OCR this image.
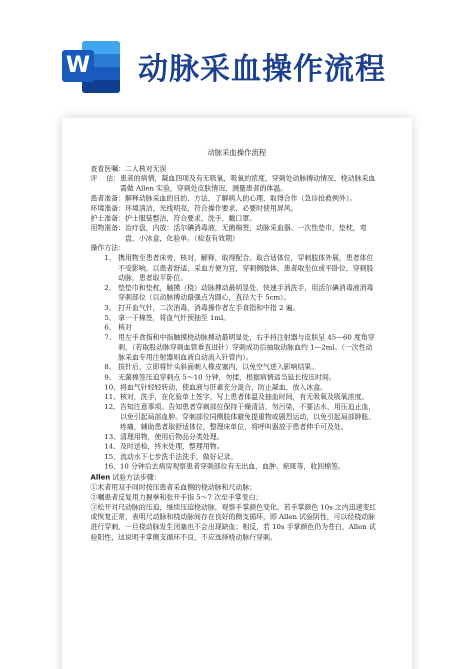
W 动脉采血操作流程
动脉采血操作流程
查看医嘱： 二人核对无误
评    估： 患者的病情，凝血四项及有无吸氧，吸氧的浓度，穿刺处动脉搏动情况，桡动脉采血需做 Allen 实验，穿刺处皮肤情况，测量患者的体温。
患者准备： 解释动脉采血的目的、方法，了解病人的心理，取得合作（急诊抢救例外）。
环境准备： 环境清洁，光线明亮，符合操作要求，必要时使用屏风。
护士准备： 护士服装整洁，符合要求，洗手，戴口罩。
用物准备： 治疗盘，内放：活尔碘消毒液，无菌棉签，动脉采血器、一次性垫巾，垫枕，弯盘，小冰盒，化验单。（检查有效期）
操作方法：
1、 携用物至患者床旁，核对，解释，取得配合。取合适体位，穿刺肢体外展，患者体位不受影响，以患者舒适，采血方便为宜，穿刺侧肢体，患者取坐位或平卧位，穿刺股动脉，患者取平卧位。
2、 垫垫巾和垫枕，触摸（桡）动脉搏动最明显处，快速手消洗手，用活尔碘消毒液消毒穿刺部位（以动脉搏动最强点为圆心，直径大于 5cm）。
3、 打开血气针，二次消毒，消毒操作者左手食指和中指 2 遍。
5、 拿一干棉签，将血气针预抽至 1ml。
6、 核对
7、 用左手食指和中指触摸桡动脉搏动最明显处，右手持注射器与皮肤呈 45—60 度角穿刺，（若取股动脉穿刺血管垂直进针）穿刺成功后抽取动脉血约 1—2ml。（一次性动脉采血专用注射器则血液自动流入针管内）。
8、 拔针后，立即将针头斜面刺入橡皮塞内，以免空气进入影响结果。
9、 无菌棉签压迫穿刺点 5～10 分钟，勿揉，根据病情适当延长按压时间。
10、 将血气针轻轻转动，使血液与肝素充分混合，防止凝血，放入冰盒。
11、 核对，洗手，在化验单上签字，写上患者体温及抽血时间，有无吸氧及吸氧浓度。
12、 告知注意事项。告知患者穿刺部位保持干燥清洁，勿污染，不要沾水，用压迫止血，以免引起局部血肿。穿刺部位同侧肢体避免提重物或剧烈运动，以免引起局部肿胀、疼痛，辅助患者取舒适体位，整理床单位，将呼叫器放于患者伸手可及处。
13、 清理用物，使用后物品分类处理。
14、 及时送检，终末处理，整理用物。
15、 流动水下七步洗手法洗手，做好记录。
16、 10 分钟后去病房观察患者穿刺部位有无出血、血肿、瘀斑等，收回棉签。
Allen 试验方法步骤：
①术者用双手同时按压患者采血侧的桡动脉和尺动脉；
②嘱患者反复用力握拳和张开手指 5～7 次至手掌变白；
③松开对尺动脉的压迫，继续压迫桡动脉，观察手掌颜色变化。若手掌颜色 10s 之内迅速变红或恢复正常，表明尺动脉和桡动脉间存在良好的侧支循环，即 Allen 试验阴性，可以经桡动脉进行穿刺，一旦桡动脉发生闭塞也不会出现缺血；相反，若 10s 手掌颜色仍为苍白，Allen 试验阳性，这说明手掌侧支循环不良，不应选择桡动脉行穿刺。
